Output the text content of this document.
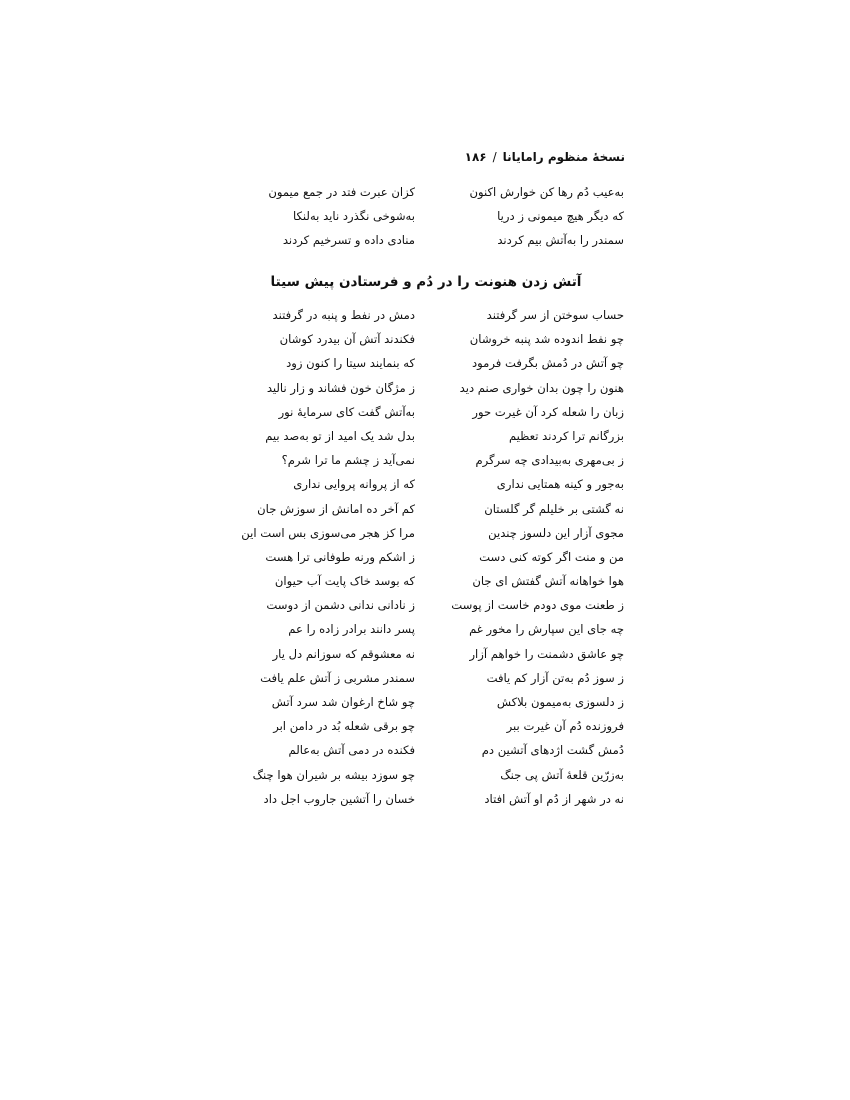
نسخهٔ منظوم رامایانا/۱۸۶
به‌عیب دُم رها کن خوارش اکنون
کزان عبرت فتد در جمع میمون
که دیگر هیچ میمونی ز دریا
به‌شوخی نگذرد ناید به‌لنکا
سمندر را به‌آتش بیم کردند
منادی داده و تسرخیم کردند
آتش زدن هنونت را در دُم و فرستادن پیش سیتا
حساب سوختن از سر گرفتند
دمش در نفط و پنبه در گرفتند
چو نفط اندوده شد پنبه خروشان
فکندند آتش آن بیدرد کوشان
چو آتش در دُمش بگرفت فرمود
که بنمایند سیتا را کنون زود
هنون را چون بدان خواری صنم دید
ز مژگان خون فشاند و زار نالید
زبان را شعله کرد آن غیرت حور
به‌آتش گفت کای سرمایهٔ نور
بزرگانم ترا کردند تعظیم
بدل شد یک امید از تو به‌صد بیم
ز بی‌مهری به‌بیدادی چه سرگرم
نمی‌آید ز چشم ما ترا شرم؟
به‌جور و کینه همتایی نداری
که از پروانه پروایی نداری
نه گشتی بر خلیلم گر گلستان
کم آخر ده امانش از سوزش جان
مجوی آزار این دلسوز چندین
مرا کز هجر می‌سوزی بس است این
من و منت اگر کوته کنی دست
ز اشکم ورنه طوفانی ترا هست
هوا خواهانه آتش گفتش ای جان
که بوسد خاک پایت آب حیوان
ز طعنت موی دودم خاست از پوست
ز نادانی ندانی دشمن از دوست
چه جای این سپارش را مخور غم
پسر دانند برادر زاده را عم
چو عاشق دشمنت را خواهم آزار
نه معشوقم که سوزانم دل یار
ز سوز دُم به‌تن آزار کم یافت
سمندر مشربی ز آتش علم یافت
ز دلسوزی به‌میمون بلاکش
چو شاخ ارغوان شد سرد آتش
فروزنده دُم آن غیرت ببر
چو برقی شعله بُد در دامن ابر
دُمش گشت اژدهای آتشین دم
فکنده در دمی آتش به‌عالم
به‌زرّین قلعهٔ آتش پی جنگ
چو سوزد بیشه بر شیران هوا چنگ
نه در شهر از دُم او آتش افتاد
خسان را آتشین جاروب اجل داد
